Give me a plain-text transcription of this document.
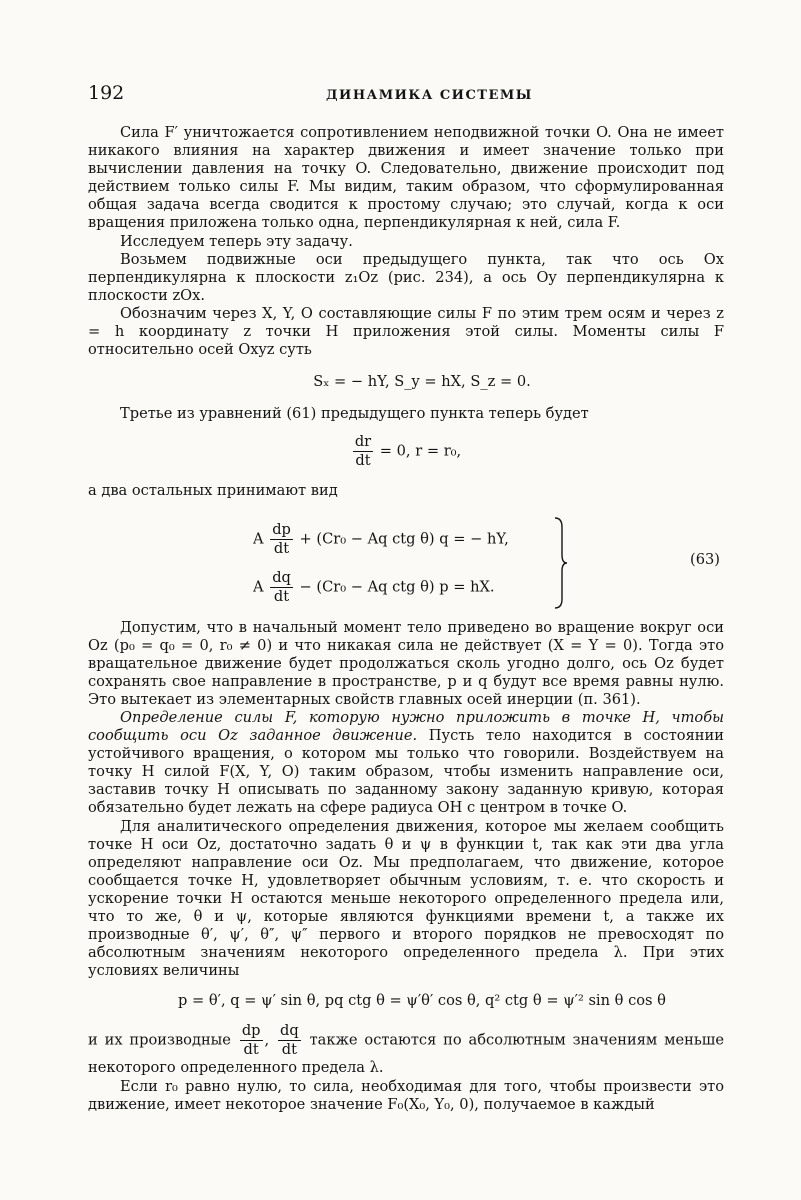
192	ДИНАМИКА СИСТЕМЫ

Сила F′ уничтожается сопротивлением неподвижной точки O. Она не имеет никакого влияния на характер движения и имеет значение только при вычислении давления на точку O. Следовательно, движение происходит под действием только силы F. Мы видим, таким образом, что сформулированная общая задача всегда сводится к простому случаю; это случай, когда к оси вращения приложена только одна, перпендикулярная к ней, сила F.

Исследуем теперь эту задачу.

Возьмем подвижные оси предыдущего пункта, так что ось Ox перпендикулярна к плоскости z₁Oz (рис. 234), а ось Oy перпендикулярна к плоскости zOx.

Обозначим через X, Y, O составляющие силы F по этим трем осям и через z = h координату z точки H приложения этой силы. Моменты силы F относительно осей Oxyz суть

Sₓ = − hY, S_y = hX, S_z = 0.

Третье из уравнений (61) предыдущего пункта теперь будет

$\frac{dr}{dt} = 0$, r = r₀,

а два остальных принимают вид

A $\frac{dp}{dt} + (Cr_0 - Aq$ ctg θ) q = − hY,
A $\frac{dq}{dt} - (Cr_0 - Aq$ ctg θ) p = hX.
(63)

Допустим, что в начальный момент тело приведено во вращение вокруг оси Oz (p₀ = q₀ = 0, r₀ ≠ 0) и что никакая сила не действует (X = Y = 0). Тогда это вращательное движение будет продолжаться сколь угодно долго, ось Oz будет сохранять свое направление в пространстве, p и q будут все время равны нулю. Это вытекает из элементарных свойств главных осей инерции (п. 361).

Определение силы F, которую нужно приложить в точке H, чтобы сообщить оси Oz заданное движение. Пусть тело находится в состоянии устойчивого вращения, о котором мы только что говорили. Воздействуем на точку H силой F(X, Y, O) таким образом, чтобы изменить направление оси, заставив точку H описывать по заданному закону заданную кривую, которая обязательно будет лежать на сфере радиуса OH с центром в точке O.

Для аналитического определения движения, которое мы желаем сообщить точке H оси Oz, достаточно задать θ и ψ в функции t, так как эти два угла определяют направление оси Oz. Мы предполагаем, что движение, которое сообщается точке H, удовлетворяет обычным условиям, т. е. что скорость и ускорение точки H остаются меньше некоторого определенного предела или, что то же, θ и ψ, которые являются функциями времени t, а также их производные θ′, ψ′, θ″, ψ″ первого и второго порядков не превосходят по абсолютным значениям некоторого определенного предела λ. При этих условиях величины

p = θ′, q = ψ′ sin θ, pq ctg θ = ψ′θ′ cos θ, q² ctg θ = ψ′² sin θ cos θ

и их производные $\frac{dp}{dt}$ , $\frac{dq}{dt}$ также остаются по абсолютным значениям меньше некоторого определенного предела λ.

Если r₀ равно нулю, то сила, необходимая для того, чтобы произвести это движение, имеет некоторое значение F₀(X₀, Y₀, 0), получаемое в каждый
